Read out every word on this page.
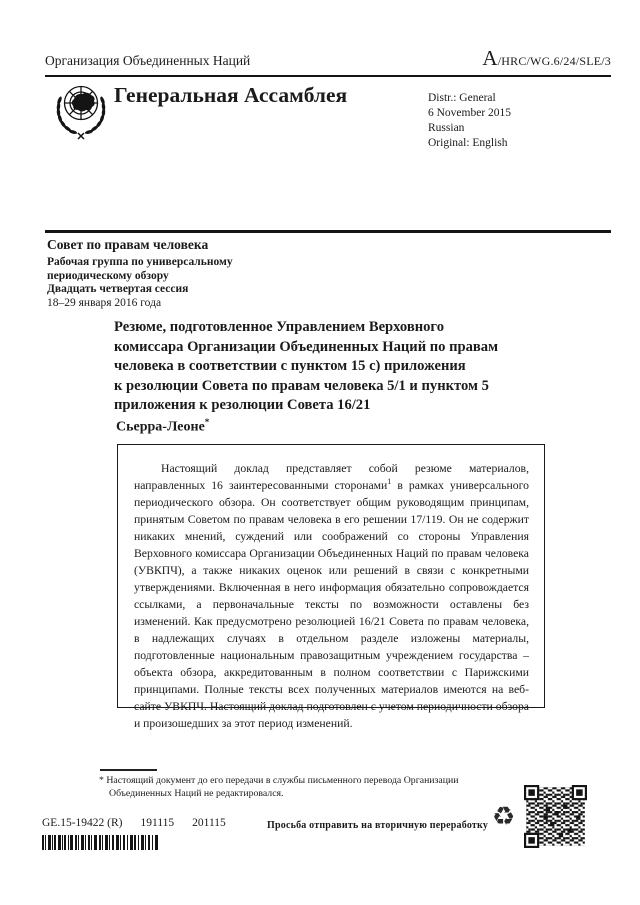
Организация Объединенных Наций	A/HRC/WG.6/24/SLE/3
Генеральная Ассамблея	Distr.: General
6 November 2015
Russian
Original: English
Совет по правам человека
Рабочая группа по универсальному
периодическому обзору
Двадцать четвертая сессия
18–29 января 2016 года
Резюме, подготовленное Управлением Верховного
комиссара Организации Объединенных Наций по правам
человека в соответствии с пунктом 15 c) приложения
к резолюции Совета по правам человека 5/1 и пунктом 5
приложения к резолюции Совета 16/21
Сьерра-Леоне*

Настоящий доклад представляет собой резюме материалов, направленных 16 заинтересованными сторонами$^1$ в рамках универсального периодического обзора. Он соответствует общим руководящим принципам, принятым Советом по правам человека в его решении 17/119. Он не содержит никаких мнений, суждений или соображений со стороны Управления Верховного комиссара Организации Объединенных Наций по правам человека (УВКПЧ), а также никаких оценок или решений в связи с конкретными утверждениями. Включенная в него информация обязательно сопровождается ссылками, а первоначальные тексты по возможности оставлены без изменений. Как предусмотрено резолюцией 16/21 Совета по правам человека, в надлежащих случаях в отдельном разделе изложены материалы, подготовленные национальным правозащитным учреждением государства – объекта обзора, аккредитованным в полном соответствии с Парижскими принципами. Полные тексты всех полученных материалов имеются на веб-сайте УВКПЧ. Настоящий доклад подготовлен с учетом периодичности обзора и произошедших за этот период изменений.

* Настоящий документ до его передачи в службы письменного перевода Организации Объединенных Наций не редактировался.
GE.15-19422 (R) 191115 201115	Просьба отправить на вторичную переработку ♻
